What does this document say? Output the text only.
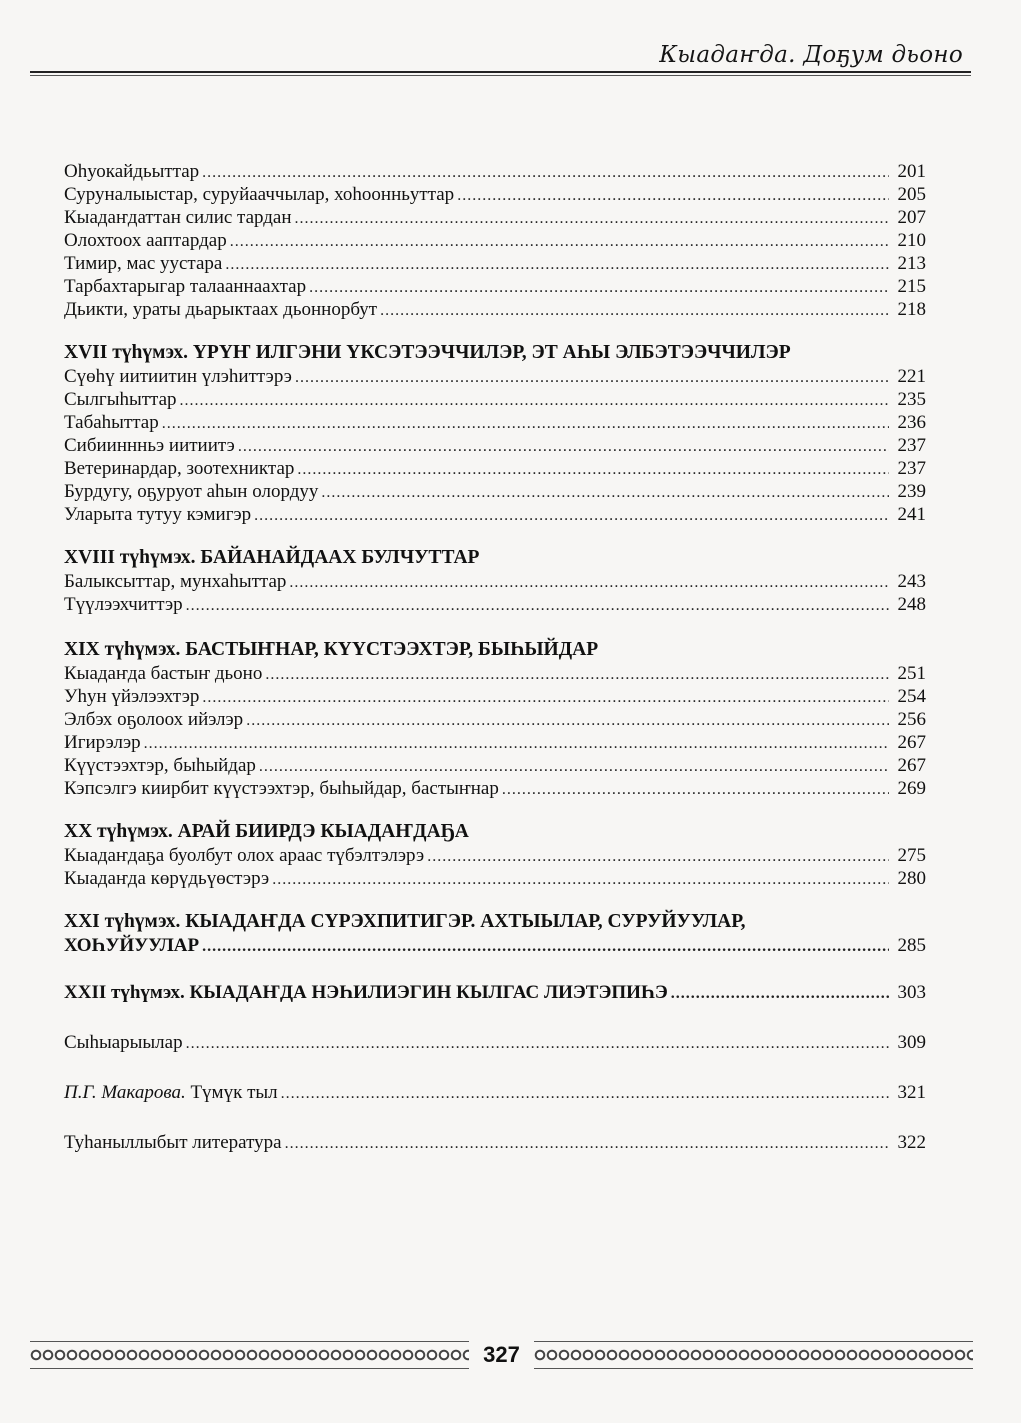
Кыадаҥда. Доҕум дьоно
Оһуокайдьыттар .....	201
Суруналыыстар, суруйааччылар, хоһоонньуттар .....	205
Кыадаҥдаттан силис тардан .....	207
Олохтоох ааптардар .....	210
Тимир, мас уустара .....	213
Тарбахтарыгар талааннаахтар .....	215
Дьикти, ураты дьарыктаах дьоннорбут .....	218
XVII түһүмэх. ҮРҮҤ ИЛГЭНИ ҮКСЭТЭЭЧЧИЛЭР, ЭТ АҺЫ ЭЛБЭТЭЭЧЧИЛЭР
Сүөһү иитиитин үлэһиттэрэ .....	221
Сылгыһыттар .....	235
Табаһыттар .....	236
Сибииннньэ иитиитэ .....	237
Ветеринардар, зоотехниктар .....	237
Бурдугу, оҕуруот аһын олордуу .....	239
Уларыта тутуу кэмигэр .....	241
XVIII түһүмэх. БАЙАНАЙДААХ БУЛЧУТТАР
Балыксыттар, мунхаһыттар .....	243
Түүлээхчиттэр .....	248
XIX түһүмэх. БАСТЫҤНАР, КҮҮСТЭЭХТЭР, БЫҺЫЙДАР
Кыадаҥда бастыҥ дьоно .....	251
Уһун үйэлээхтэр .....	254
Элбэх оҕолоох ийэлэр .....	256
Игирэлэр .....	267
Күүстээхтэр, быһыйдар .....	267
Кэпсэлгэ киирбит күүстээхтэр, быһыйдар, бастыҥнар .....	269
XX түһүмэх. АРАЙ БИИРДЭ КЫАДАҤДАҔА
Кыадаҥдаҕа буолбут олох араас түбэлтэлэрэ .....	275
Кыадаҥда көрүдьүөстэрэ .....	280
XXI түһүмэх. КЫАДАҤДА СҮРЭХПИТИГЭР. АХТЫЫЛАР, СУРУЙУУЛАР,
ХОҺУЙУУЛАР .....	285
XXII түһүмэх. КЫАДАҤДА НЭҺИЛИЭГИН КЫЛГАС ЛИЭТЭПИҺЭ .....	303
Сыһыарыылар .....	309
П.Г. Макарова. Түмүк тыл .....	321
Туһаныллыбыт литература .....	322
327
